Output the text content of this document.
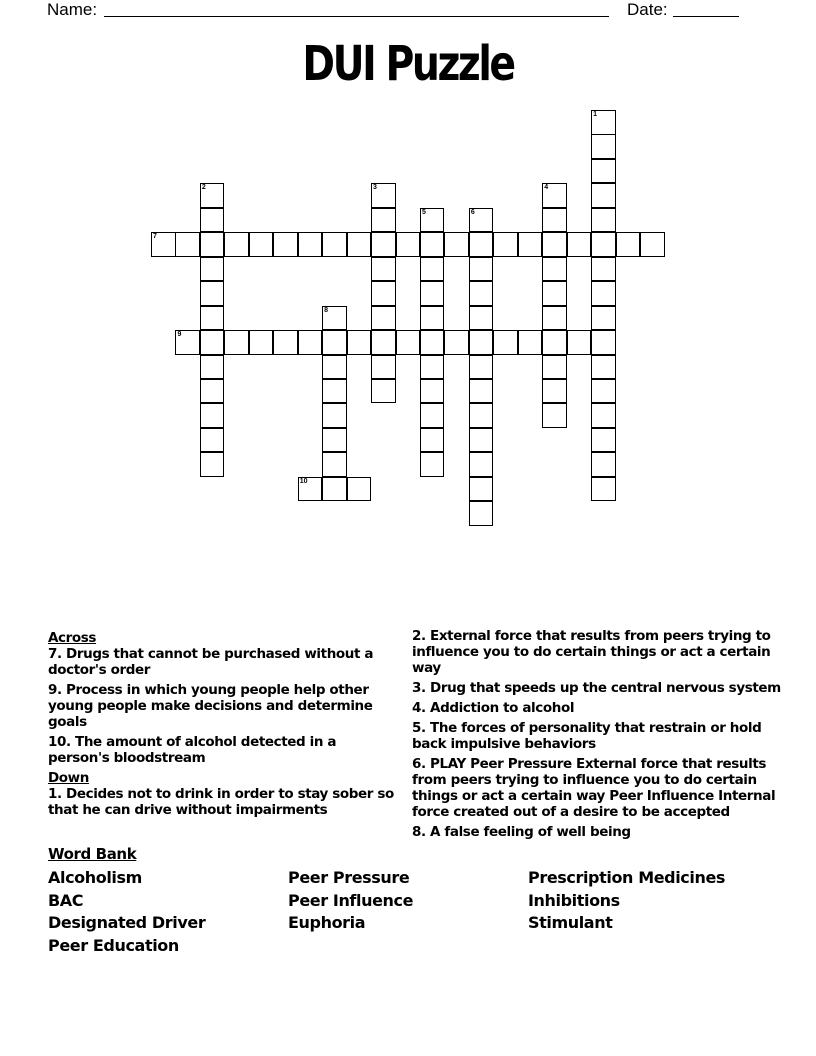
Name:	Date:
DUI Puzzle
1
2	3	4
5	6
7
8
9
10
Across
7. Drugs that cannot be purchased without a doctor's order
9. Process in which young people help other young people make decisions and determine goals
10. The amount of alcohol detected in a person's bloodstream
Down
1. Decides not to drink in order to stay sober so that he can drive without impairments
2. External force that results from peers trying to influence you to do certain things or act a certain way
3. Drug that speeds up the central nervous system
4. Addiction to alcohol
5. The forces of personality that restrain or hold back impulsive behaviors
6. PLAY Peer Pressure External force that results from peers trying to influence you to do certain things or act a certain way Peer Influence Internal force created out of a desire to be accepted
8. A false feeling of well being
Word Bank
Alcoholism
BAC
Designated Driver
Peer Education
Peer Pressure
Peer Influence
Euphoria
Prescription Medicines
Inhibitions
Stimulant
